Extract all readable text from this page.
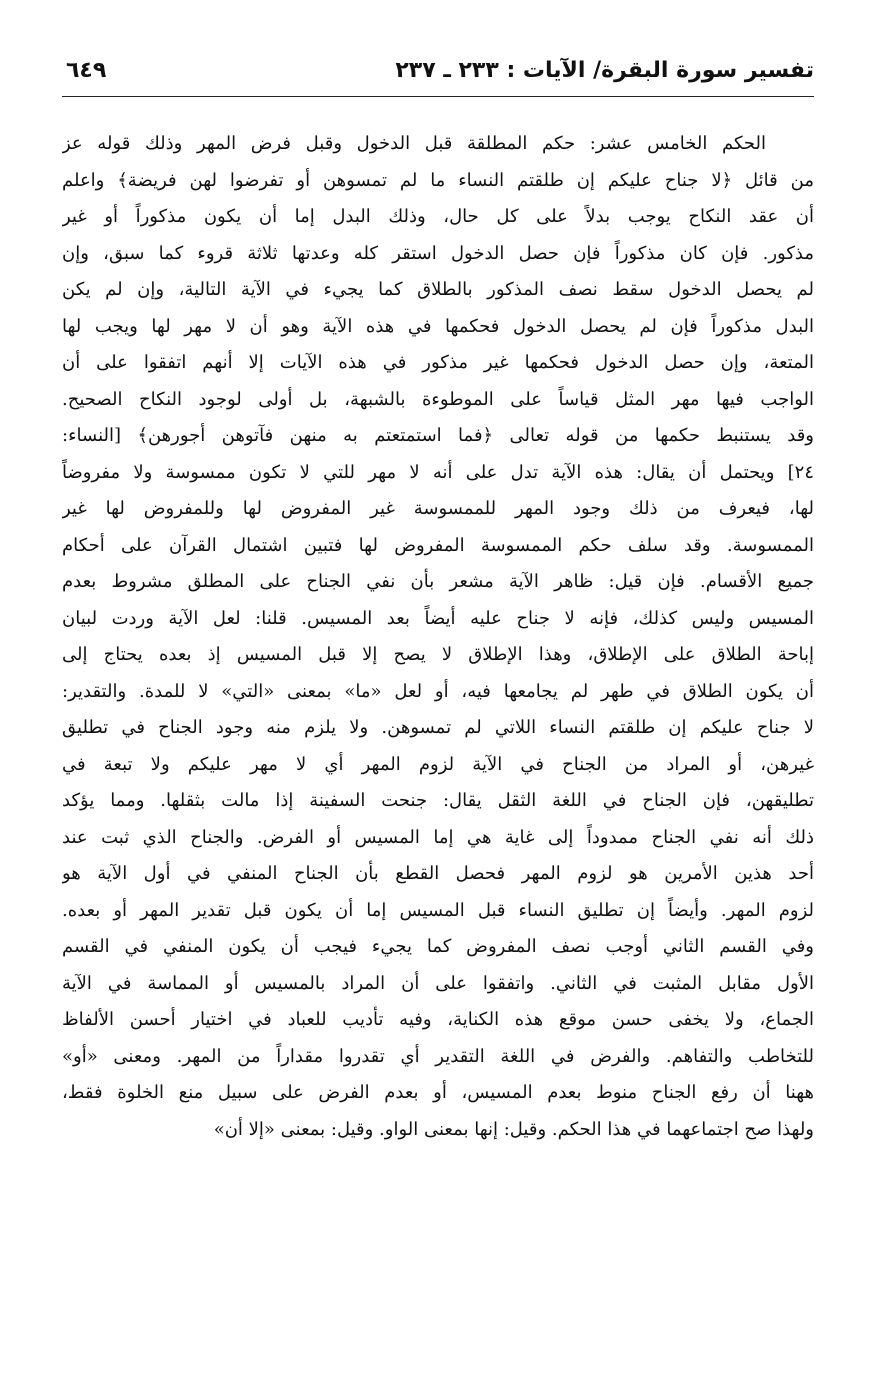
تفسير سورة البقرة/ الآيات : ٢٣٣ ـ ٢٣٧
٦٤٩
الحكم الخامس عشر: حكم المطلقة قبل الدخول وقبل فرض المهر وذلك قوله عز
من قائل ﴿لا جناح عليكم إن طلقتم النساء ما لم تمسوهن أو تفرضوا لهن فريضة﴾ واعلم
أن عقد النكاح يوجب بدلاً على كل حال، وذلك البدل إما أن يكون مذكوراً أو غير
مذكور. فإن كان مذكوراً فإن حصل الدخول استقر كله وعدتها ثلاثة قروء كما سبق، وإن
لم يحصل الدخول سقط نصف المذكور بالطلاق كما يجيء في الآية التالية، وإن لم يكن
البدل مذكوراً فإن لم يحصل الدخول فحكمها في هذه الآية وهو أن لا مهر لها ويجب لها
المتعة، وإن حصل الدخول فحكمها غير مذكور في هذه الآيات إلا أنهم اتفقوا على أن
الواجب فيها مهر المثل قياساً على الموطوءة بالشبهة، بل أولى لوجود النكاح الصحيح.
وقد يستنبط حكمها من قوله تعالى ﴿فما استمتعتم به منهن فآتوهن أجورهن﴾ [النساء:
٢٤] ويحتمل أن يقال: هذه الآية تدل على أنه لا مهر للتي لا تكون ممسوسة ولا مفروضاً
لها، فيعرف من ذلك وجود المهر للممسوسة غير المفروض لها وللمفروض لها غير
الممسوسة. وقد سلف حكم الممسوسة المفروض لها فتبين اشتمال القرآن على أحكام
جميع الأقسام. فإن قيل: ظاهر الآية مشعر بأن نفي الجناح على المطلق مشروط بعدم
المسيس وليس كذلك، فإنه لا جناح عليه أيضاً بعد المسيس. قلنا: لعل الآية وردت لبيان
إباحة الطلاق على الإطلاق، وهذا الإطلاق لا يصح إلا قبل المسيس إذ بعده يحتاج إلى
أن يكون الطلاق في طهر لم يجامعها فيه، أو لعل «ما» بمعنى «التي» لا للمدة. والتقدير:
لا جناح عليكم إن طلقتم النساء اللاتي لم تمسوهن. ولا يلزم منه وجود الجناح في تطليق
غيرهن، أو المراد من الجناح في الآية لزوم المهر أي لا مهر عليكم ولا تبعة في
تطليقهن، فإن الجناح في اللغة الثقل يقال: جنحت السفينة إذا مالت بثقلها. ومما يؤكد
ذلك أنه نفي الجناح ممدوداً إلى غاية هي إما المسيس أو الفرض. والجناح الذي ثبت عند
أحد هذين الأمرين هو لزوم المهر فحصل القطع بأن الجناح المنفي في أول الآية هو
لزوم المهر. وأيضاً إن تطليق النساء قبل المسيس إما أن يكون قبل تقدير المهر أو بعده.
وفي القسم الثاني أوجب نصف المفروض كما يجيء فيجب أن يكون المنفي في القسم
الأول مقابل المثبت في الثاني. واتفقوا على أن المراد بالمسيس أو المماسة في الآية
الجماع، ولا يخفى حسن موقع هذه الكناية، وفيه تأديب للعباد في اختيار أحسن الألفاظ
للتخاطب والتفاهم. والفرض في اللغة التقدير أي تقدروا مقداراً من المهر. ومعنى «أو»
ههنا أن رفع الجناح منوط بعدم المسيس، أو بعدم الفرض على سبيل منع الخلوة فقط،
ولهذا صح اجتماعهما في هذا الحكم. وقيل: إنها بمعنى الواو. وقيل: بمعنى «إلا أن»
